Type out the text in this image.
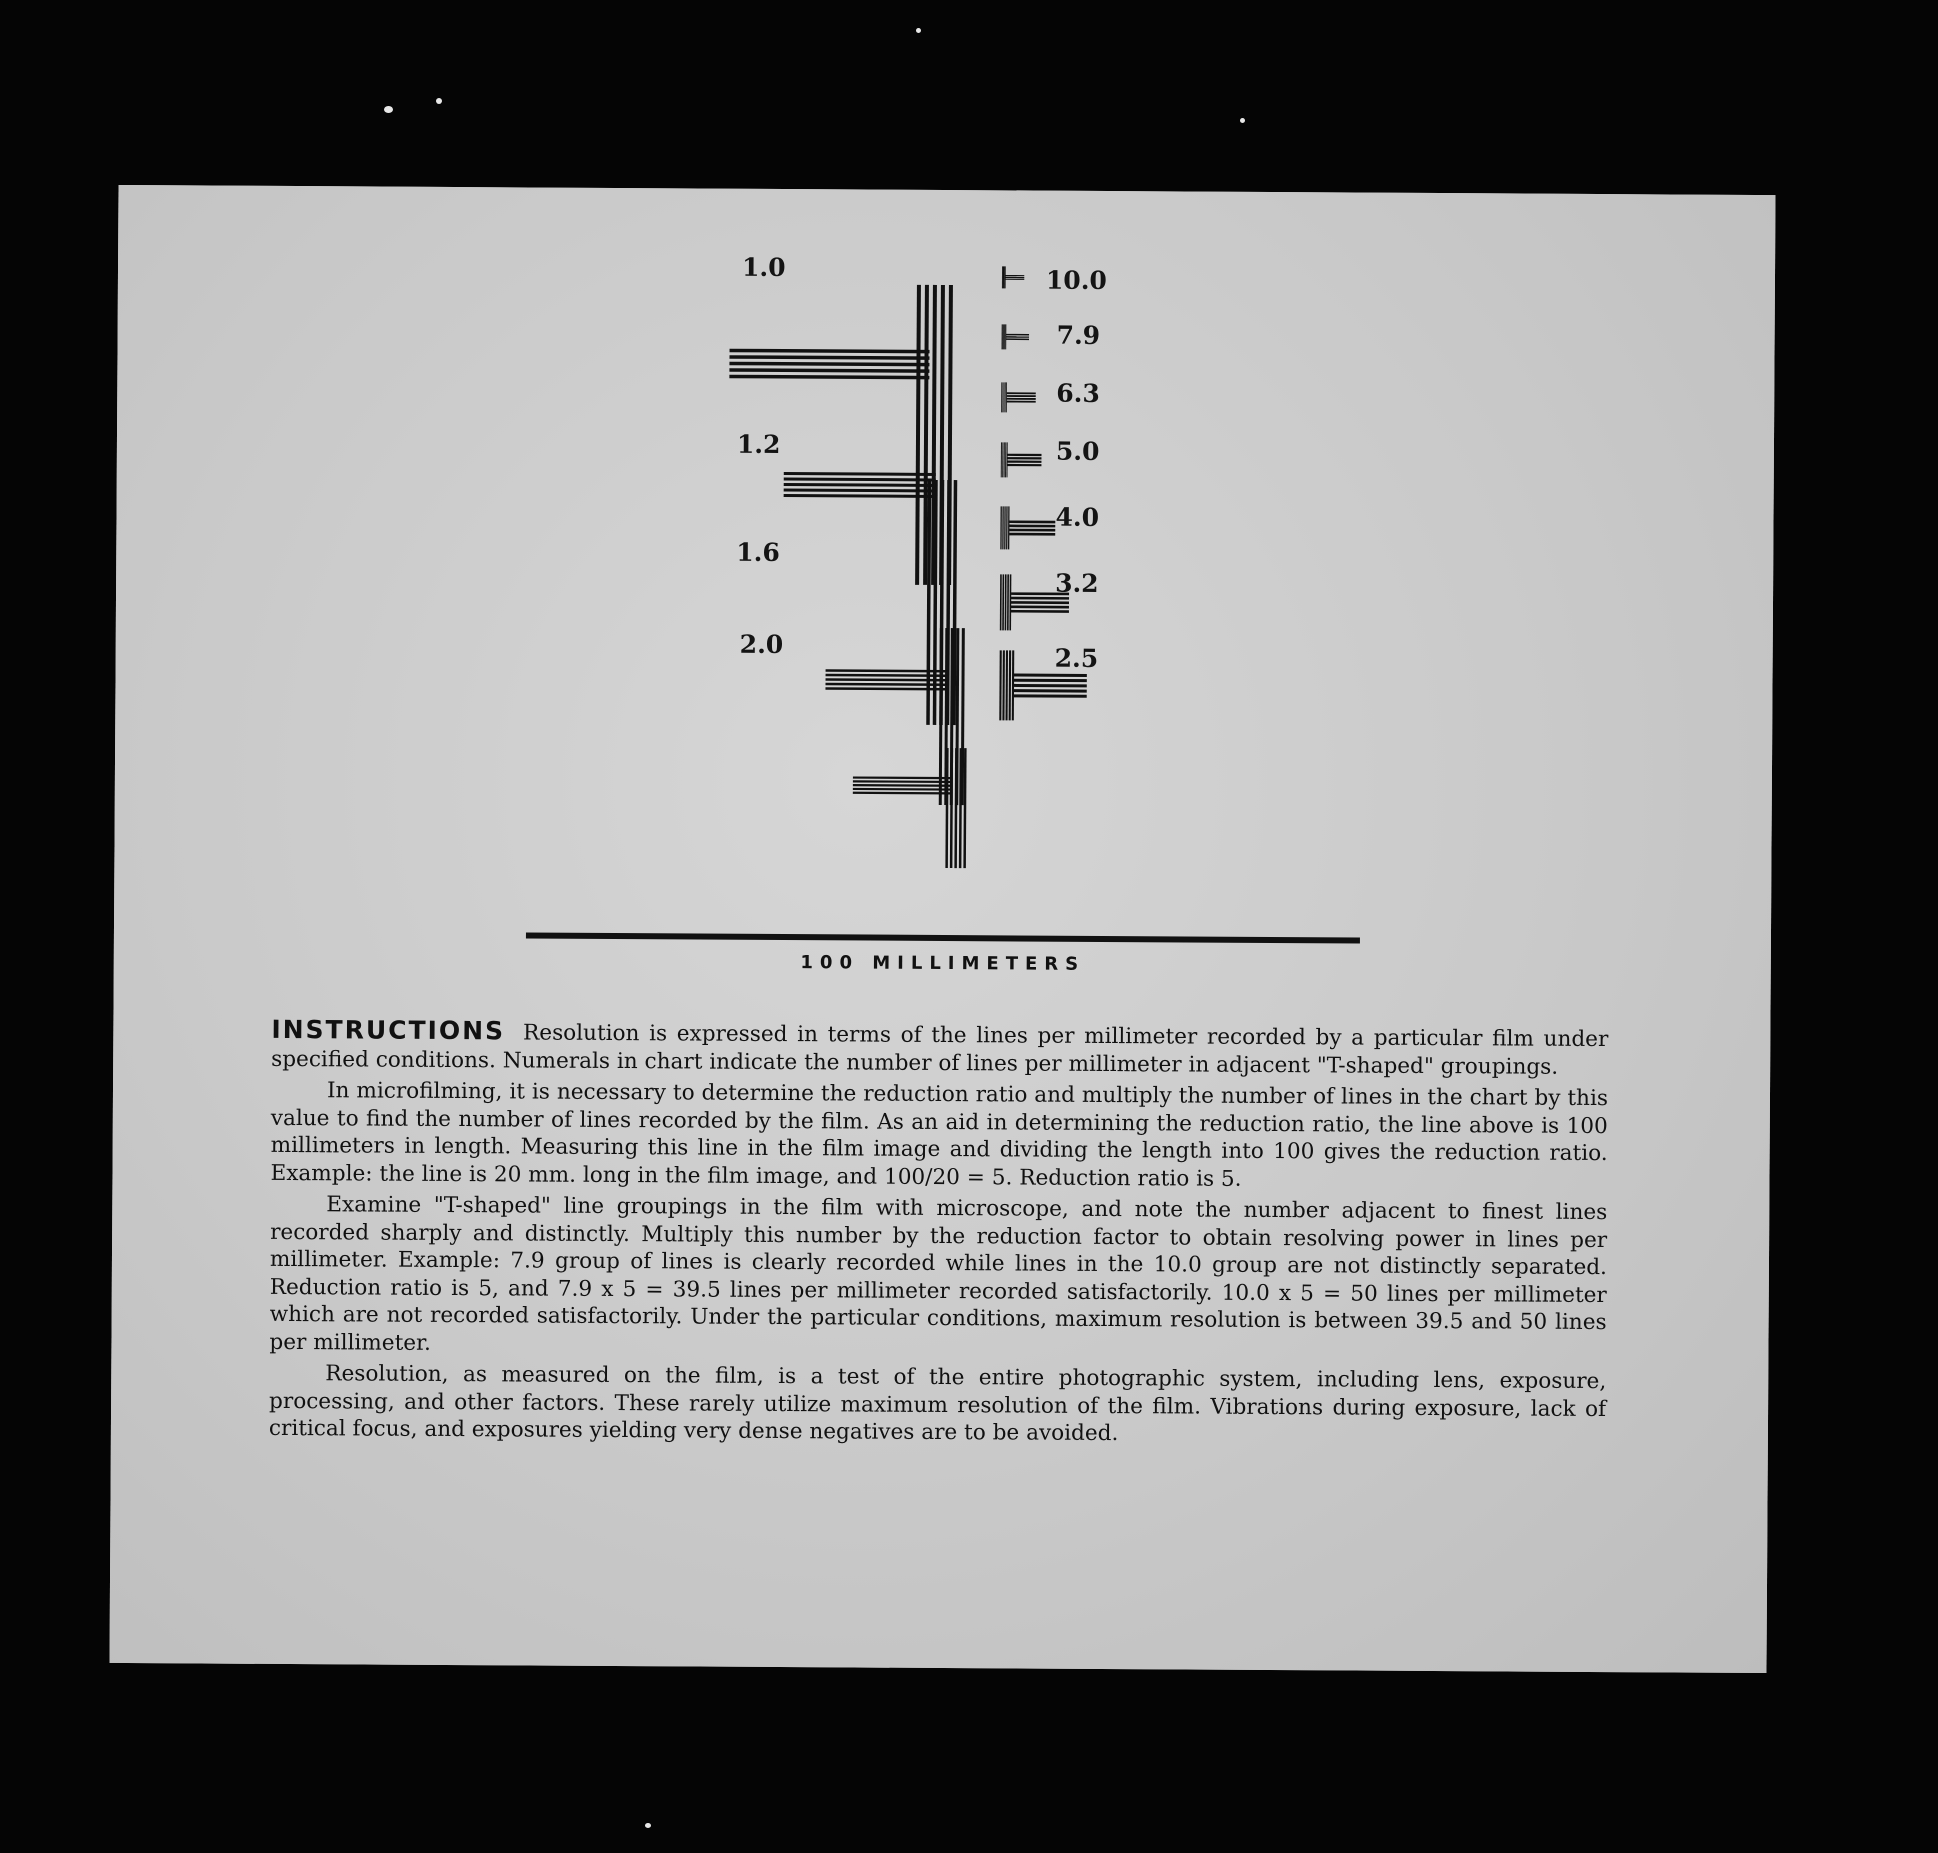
1.0
1.2
1.6
2.0
10.0
7.9
6.3
5.0
4.0
3.2
2.5
100 MILLIMETERS

INSTRUCTIONS Resolution is expressed in terms of the lines per millimeter recorded by a particular film under specified conditions. Numerals in chart indicate the number of lines per millimeter in adjacent "T-shaped" groupings.

In microfilming, it is necessary to determine the reduction ratio and multiply the number of lines in the chart by this value to find the number of lines recorded by the film. As an aid in determining the reduction ratio, the line above is 100 millimeters in length. Measuring this line in the film image and dividing the length into 100 gives the reduction ratio. Example: the line is 20 mm. long in the film image, and 100/20 = 5. Reduction ratio is 5.

Examine "T-shaped" line groupings in the film with microscope, and note the number adjacent to finest lines recorded sharply and distinctly. Multiply this number by the reduction factor to obtain resolving power in lines per millimeter. Example: 7.9 group of lines is clearly recorded while lines in the 10.0 group are not distinctly separated. Reduction ratio is 5, and 7.9 x 5 = 39.5 lines per millimeter recorded satisfactorily. 10.0 x 5 = 50 lines per millimeter which are not recorded satisfactorily. Under the particular conditions, maximum resolution is between 39.5 and 50 lines per millimeter.

Resolution, as measured on the film, is a test of the entire photographic system, including lens, exposure, processing, and other factors. These rarely utilize maximum resolution of the film. Vibrations during exposure, lack of critical focus, and exposures yielding very dense negatives are to be avoided.
